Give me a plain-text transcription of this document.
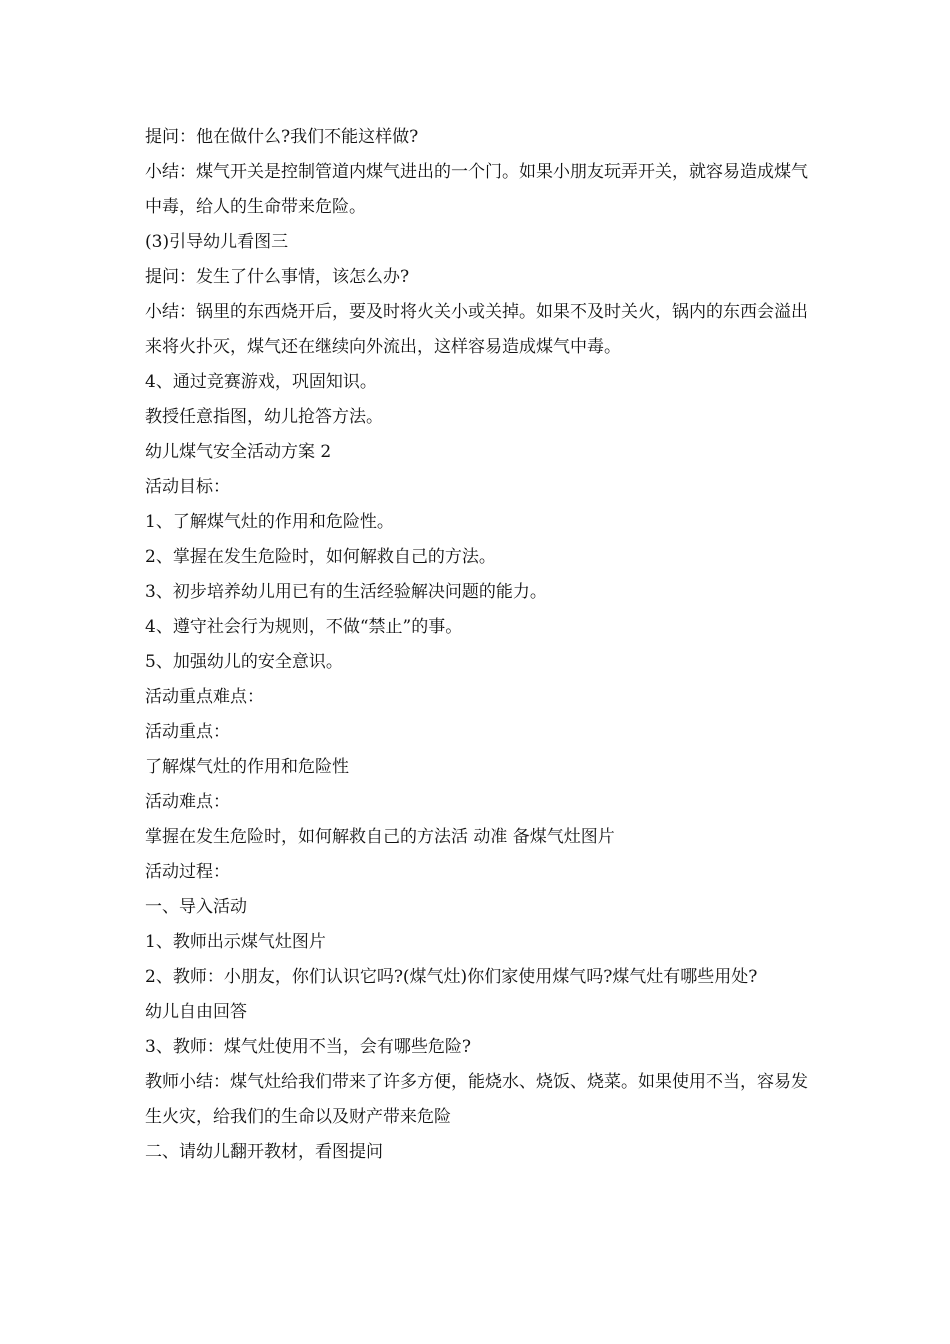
提问：他在做什么?我们不能这样做?

小结：煤气开关是控制管道内煤气进出的一个门。如果小朋友玩弄开关，就容易造成煤气中毒，给人的生命带来危险。

(3)引导幼儿看图三

提问：发生了什么事情，该怎么办?

小结：锅里的东西烧开后，要及时将火关小或关掉。如果不及时关火，锅内的东西会溢出来将火扑灭，煤气还在继续向外流出，这样容易造成煤气中毒。

4、通过竞赛游戏，巩固知识。

教授任意指图，幼儿抢答方法。

幼儿煤气安全活动方案 2

活动目标：

1、了解煤气灶的作用和危险性。

2、掌握在发生危险时，如何解救自己的方法。

3、初步培养幼儿用已有的生活经验解决问题的能力。

4、遵守社会行为规则，不做“禁止”的事。

5、加强幼儿的安全意识。

活动重点难点：

活动重点：

了解煤气灶的作用和危险性

活动难点：

掌握在发生危险时，如何解救自己的方法活 动准 备煤气灶图片

活动过程：

一、导入活动

1、教师出示煤气灶图片

2、教师：小朋友，你们认识它吗?(煤气灶)你们家使用煤气吗?煤气灶有哪些用处?

幼儿自由回答

3、教师：煤气灶使用不当，会有哪些危险?

教师小结：煤气灶给我们带来了许多方便，能烧水、烧饭、烧菜。如果使用不当，容易发生火灾，给我们的生命以及财产带来危险

二、请幼儿翻开教材，看图提问
